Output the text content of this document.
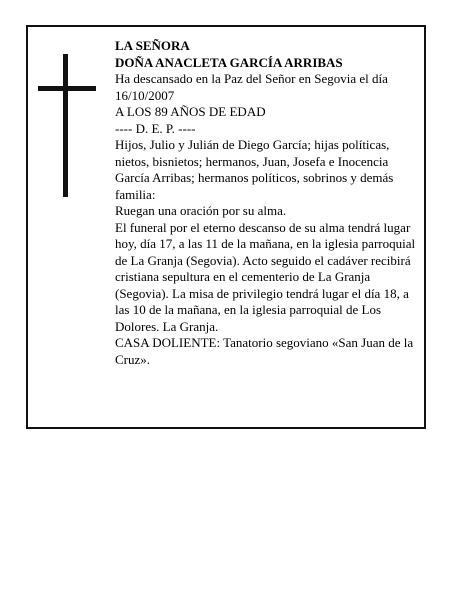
LA SEÑORA

DOÑA ANACLETA GARCÍA ARRIBAS

Ha descansado en la Paz del Señor en Segovia el día 16/10/2007

A LOS 89 AÑOS DE EDAD

---- D. E. P. ----

Hijos, Julio y Julián de Diego García; hijas políticas, nietos, bisnietos; hermanos, Juan, Josefa e Inocencia García Arribas; hermanos políticos, sobrinos y demás familia:

Ruegan una oración por su alma.

El funeral por el eterno descanso de su alma tendrá lugar hoy, día 17, a las 11 de la mañana, en la iglesia parroquial de La Granja (Segovia). Acto seguido el cadáver recibirá cristiana sepultura en el cementerio de La Granja (Segovia). La misa de privilegio tendrá lugar el día 18, a las 10 de la mañana, en la iglesia parroquial de Los Dolores. La Granja.

CASA DOLIENTE: Tanatorio segoviano «San Juan de la Cruz».
